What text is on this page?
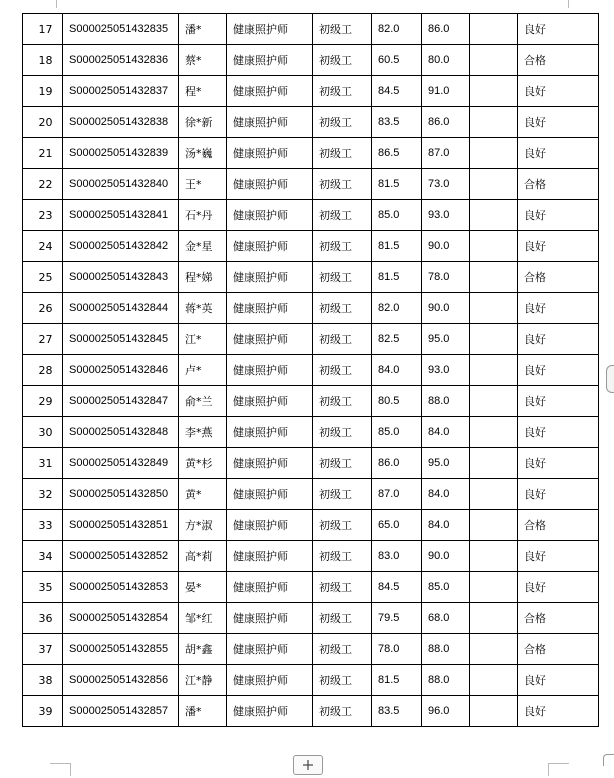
17	S000025051432835	潘*	健康照护师	初级工	82.0	86.0		良好
18	S000025051432836	蔡*	健康照护师	初级工	60.5	80.0		合格
19	S000025051432837	程*	健康照护师	初级工	84.5	91.0		良好
20	S000025051432838	徐*新	健康照护师	初级工	83.5	86.0		良好
21	S000025051432839	汤*巍	健康照护师	初级工	86.5	87.0		良好
22	S000025051432840	王*	健康照护师	初级工	81.5	73.0		合格
23	S000025051432841	石*丹	健康照护师	初级工	85.0	93.0		良好
24	S000025051432842	金*星	健康照护师	初级工	81.5	90.0		良好
25	S000025051432843	程*娣	健康照护师	初级工	81.5	78.0		合格
26	S000025051432844	蒋*英	健康照护师	初级工	82.0	90.0		良好
27	S000025051432845	江*	健康照护师	初级工	82.5	95.0		良好
28	S000025051432846	卢*	健康照护师	初级工	84.0	93.0		良好
29	S000025051432847	俞*兰	健康照护师	初级工	80.5	88.0		良好
30	S000025051432848	李*燕	健康照护师	初级工	85.0	84.0		良好
31	S000025051432849	黄*杉	健康照护师	初级工	86.0	95.0		良好
32	S000025051432850	黄*	健康照护师	初级工	87.0	84.0		良好
33	S000025051432851	方*淑	健康照护师	初级工	65.0	84.0		合格
34	S000025051432852	高*莉	健康照护师	初级工	83.0	90.0		良好
35	S000025051432853	晏*	健康照护师	初级工	84.5	85.0		良好
36	S000025051432854	邹*红	健康照护师	初级工	79.5	68.0		合格
37	S000025051432855	胡*鑫	健康照护师	初级工	78.0	88.0		合格
38	S000025051432856	江*静	健康照护师	初级工	81.5	88.0		良好
39	S000025051432857	潘*	健康照护师	初级工	83.5	96.0		良好
